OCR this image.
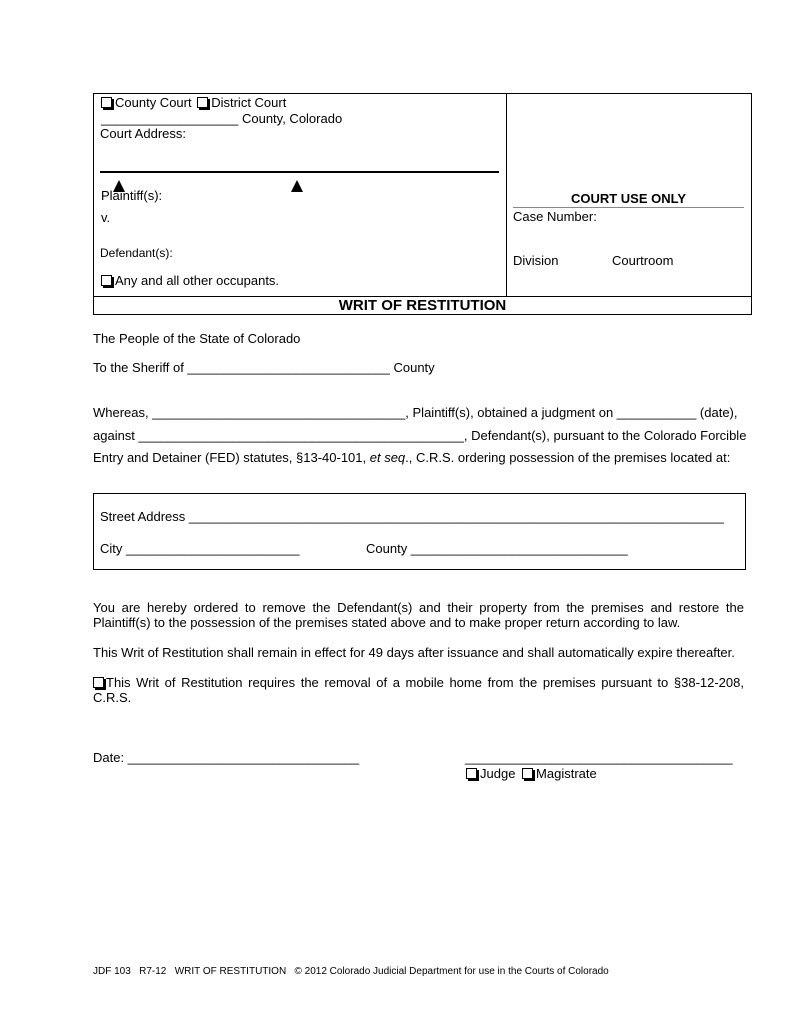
County Court District Court
___________________ County, Colorado
Court Address:
Plaintiff(s):
v.
Defendant(s):
Any and all other occupants.
COURT USE ONLY
Case Number:
Division	Courtroom
WRIT OF RESTITUTION
The People of the State of Colorado
To the Sheriff of ____________________________ County
Whereas, ___________________________________, Plaintiff(s), obtained a judgment on ___________ (date),
against _____________________________________________, Defendant(s), pursuant to the Colorado Forcible
Entry and Detainer (FED) statutes, §13-40-101, et seq., C.R.S. ordering possession of the premises located at:
Street Address __________________________________________________________________________
City ________________________	County ______________________________
You are hereby ordered to remove the Defendant(s) and their property from the premises and restore the Plaintiff(s) to the possession of the premises stated above and to make proper return according to law.
This Writ of Restitution shall remain in effect for 49 days after issuance and shall automatically expire thereafter.
This Writ of Restitution requires the removal of a mobile home from the premises pursuant to §38-12-208, C.R.S.
Date: ________________________________	_____________________________________
Judge Magistrate
JDF 103   R7-12   WRIT OF RESTITUTION   © 2012 Colorado Judicial Department for use in the Courts of Colorado
